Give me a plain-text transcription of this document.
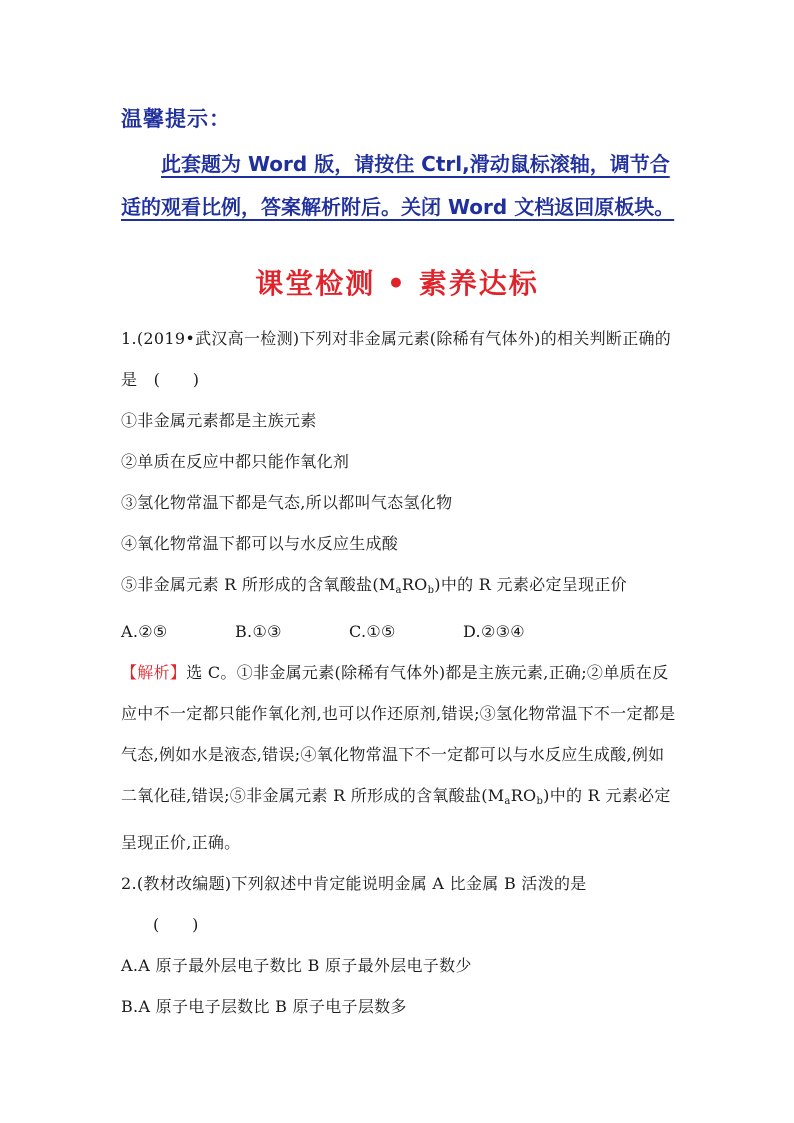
温馨提示：
此套题为 Word 版，请按住 Ctrl,滑动鼠标滚轴，调节合适的观看比例，答案解析附后。关闭 Word 文档返回原板块。
课堂检测 • 素养达标

1.(2019•武汉高一检测)下列对非金属元素(除稀有气体外)的相关判断正确的是　(　　)

①非金属元素都是主族元素

②单质在反应中都只能作氧化剂

③氢化物常温下都是气态,所以都叫气态氢化物

④氧化物常温下都可以与水反应生成酸

⑤非金属元素 R 所形成的含氧酸盐$(M_aRO_b)$中的 R 元素必定呈现正价

A.②⑤	B.①③	C.①⑤	D.②③④

【解析】选 C。①非金属元素(除稀有气体外)都是主族元素,正确;②单质在反应中不一定都只能作氧化剂,也可以作还原剂,错误;③氢化物常温下不一定都是气态,例如水是液态,错误;④氧化物常温下不一定都可以与水反应生成酸,例如二氧化硅,错误;⑤非金属元素 R 所形成的含氧酸盐$(M_aRO_b)$中的 R 元素必定呈现正价,正确。

2.(教材改编题)下列叙述中肯定能说明金属 A 比金属 B 活泼的是

(　　)

A.A 原子最外层电子数比 B 原子最外层电子数少

B.A 原子电子层数比 B 原子电子层数多
